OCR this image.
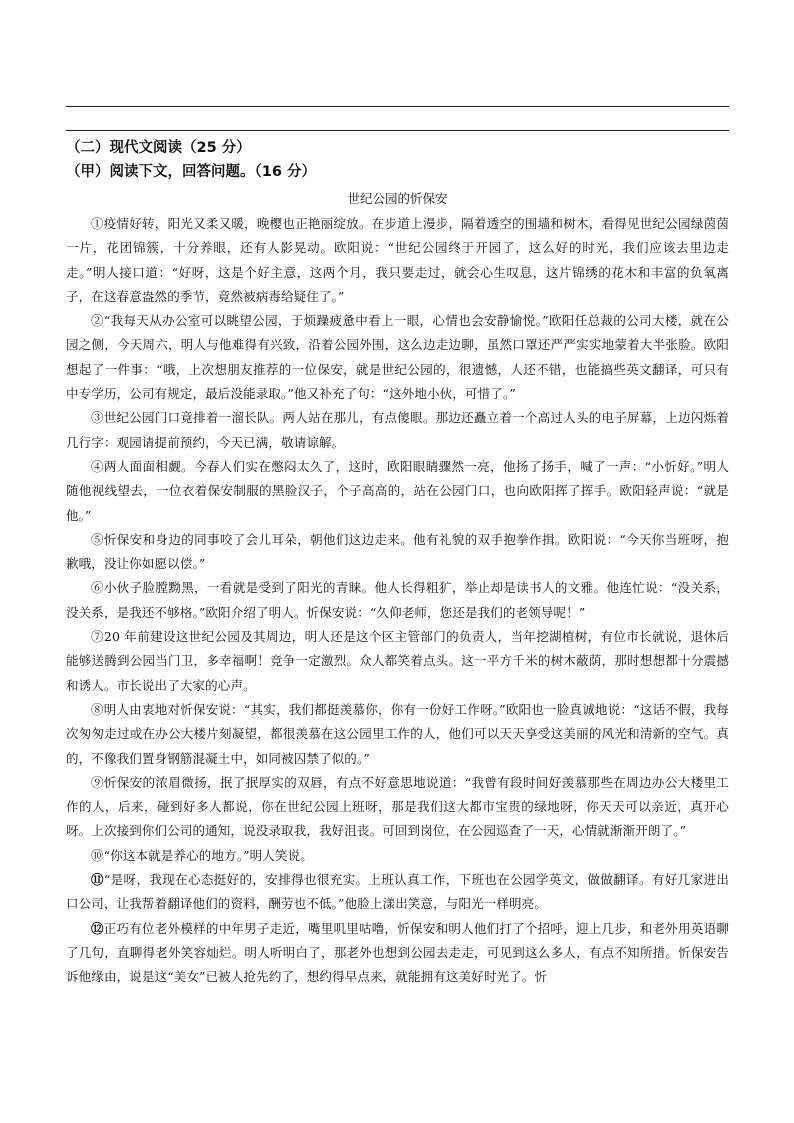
（二）现代文阅读（25 分）

（甲）阅读下文，回答问题。（16 分）

世纪公园的忻保安

①疫情好转，阳光又柔又暖，晚樱也正艳丽绽放。在步道上漫步，隔着透空的围墙和树木，看得见世纪公园绿茵茵一片，花团锦簇，十分养眼，还有人影晃动。欧阳说：“世纪公园终于开园了，这么好的时光，我们应该去里边走走。”明人接口道：“好呀，这是个好主意，这两个月，我只要走过，就会心生叹息，这片锦绣的花木和丰富的负氧离子，在这春意盎然的季节，竟然被病毒给疑住了。”

②“我每天从办公室可以眺望公园，于烦躁疲惫中看上一眼，心情也会安静愉悦。”欧阳任总裁的公司大楼，就在公园之侧，今天周六，明人与他难得有兴致，沿着公园外围，这么边走边聊，虽然口罩还严严实实地蒙着大半张脸。欧阳想起了一件事：“哦，上次想朋友推荐的一位保安，就是世纪公园的，很遗憾，人还不错，也能搞些英文翻译，可只有中专学历，公司有规定，最后没能录取。”他又补充了句：“这外地小伙，可惜了。”

③世纪公园门口竟排着一溜长队。两人站在那儿，有点傻眼。那边还矗立着一个高过人头的电子屏幕，上边闪烁着几行字：观园请提前预约，今天已满，敬请谅解。

④两人面面相觑。今春人们实在憋闷太久了，这时，欧阳眼睛骤然一亮，他扬了扬手，喊了一声：“小忻好。”明人随他视线望去，一位衣着保安制服的黑脸汉子，个子高高的，站在公园门口，也向欧阳挥了挥手。欧阳轻声说：“就是他。”

⑤忻保安和身边的同事咬了会儿耳朵，朝他们这边走来。他有礼貌的双手抱拳作揖。欧阳说：“今天你当班呀，抱歉哦，没让你如愿以偿。”

⑥小伙子脸膛黝黑，一看就是受到了阳光的青睐。他人长得粗犷，举止却是读书人的文雅。他连忙说：“没关系，没关系，是我还不够格。”欧阳介绍了明人。忻保安说：“久仰老师，您还是我们的老领导呢！”

⑦20 年前建设这世纪公园及其周边，明人还是这个区主管部门的负责人，当年挖湖植树，有位市长就说，退休后能够送腾到公园当门卫，多幸福啊！竞争一定激烈。众人都笑着点头。这一平方千米的树木蔽荫，那时想想都十分震撼和诱人。市长说出了大家的心声。

⑧明人由衷地对忻保安说：“其实，我们都挺羡慕你，你有一份好工作呀。”欧阳也一脸真诚地说：“这话不假，我每次匆匆走过或在办公大楼片刻凝望，都很羡慕在这公园里工作的人，他们可以天天享受这美丽的风光和清新的空气。真的，不像我们置身钢筋混凝土中，如同被囚禁了似的。”

⑨忻保安的浓眉微扬，抿了抿厚实的双唇，有点不好意思地说道：“我曾有段时间好羡慕那些在周边办公大楼里工作的人，后来，碰到好多人都说，你在世纪公园上班呀，那是我们这大都市宝贵的绿地呀，你天天可以亲近，真开心呀。上次接到你们公司的通知，说没录取我，我好沮丧。可回到岗位，在公园巡查了一天，心情就渐渐开朗了。”

⑩“你这本就是养心的地方。”明人笑说。

⑪“是呀，我现在心态挺好的，安排得也很充实。上班认真工作，下班也在公园学英文，做做翻译。有好几家进出口公司，让我帮着翻译他们的资料，酬劳也不低。”他脸上漾出笑意，与阳光一样明亮。

⑫正巧有位老外模样的中年男子走近，嘴里叽里咕噜，忻保安和明人他们打了个招呼，迎上几步，和老外用英语聊了几句，直聊得老外笑容灿烂。明人听明白了，那老外也想到公园去走走，可见到这么多人，有点不知所措。忻保安告诉他缘由，说是这“美女”已被人抢先约了，想约得早点来，就能拥有这美好时光了。忻
